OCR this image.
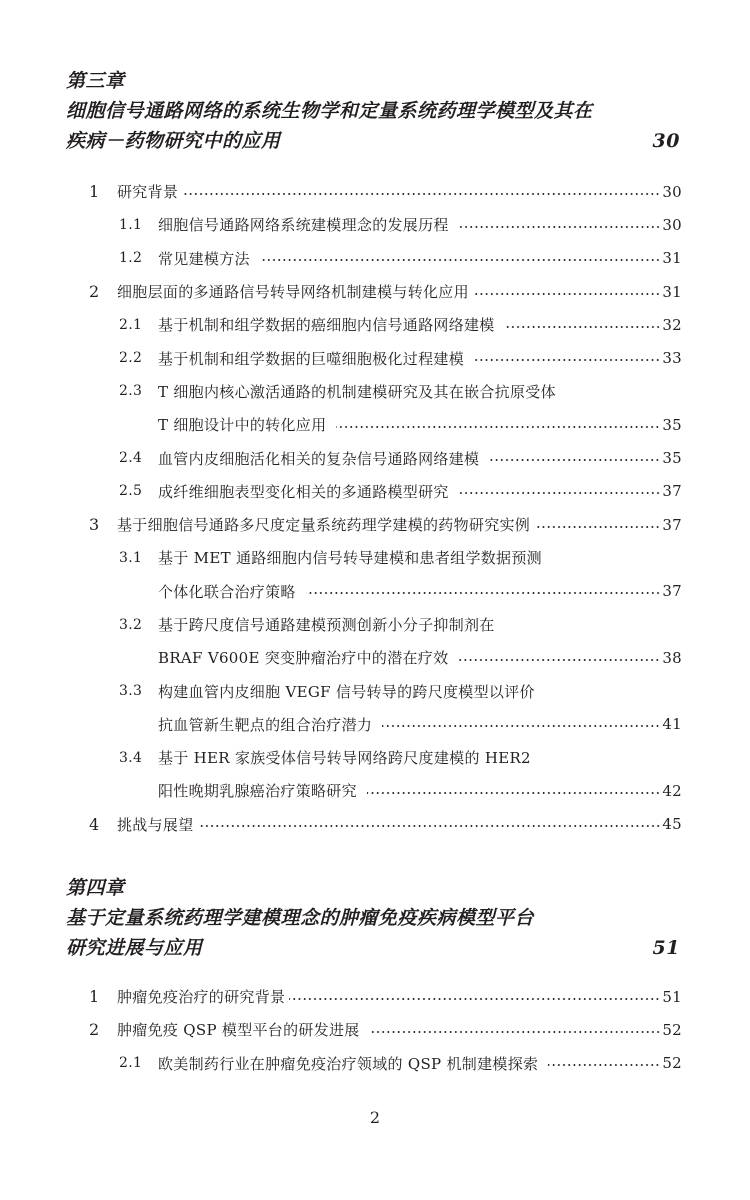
第三章
细胞信号通路网络的系统生物学和定量系统药理学模型及其在
疾病－药物研究中的应用	30
1 研究背景	30
1.1 细胞信号通路网络系统建模理念的发展历程	30
1.2 常见建模方法	31
2 细胞层面的多通路信号转导网络机制建模与转化应用	31
2.1 基于机制和组学数据的癌细胞内信号通路网络建模	32
2.2 基于机制和组学数据的巨噬细胞极化过程建模	33
2.3 T 细胞内核心激活通路的机制建模研究及其在嵌合抗原受体
T 细胞设计中的转化应用	35
2.4 血管内皮细胞活化相关的复杂信号通路网络建模	35
2.5 成纤维细胞表型变化相关的多通路模型研究	37
3 基于细胞信号通路多尺度定量系统药理学建模的药物研究实例	37
3.1 基于 MET 通路细胞内信号转导建模和患者组学数据预测
个体化联合治疗策略	37
3.2 基于跨尺度信号通路建模预测创新小分子抑制剂在
BRAF V600E 突变肿瘤治疗中的潜在疗效	38
3.3 构建血管内皮细胞 VEGF 信号转导的跨尺度模型以评价
抗血管新生靶点的组合治疗潜力	41
3.4 基于 HER 家族受体信号转导网络跨尺度建模的 HER2
阳性晚期乳腺癌治疗策略研究	42
4 挑战与展望	45
第四章
基于定量系统药理学建模理念的肿瘤免疫疾病模型平台
研究进展与应用	51
1 肿瘤免疫治疗的研究背景	51
2 肿瘤免疫 QSP 模型平台的研发进展	52
2.1 欧美制药行业在肿瘤免疫治疗领域的 QSP 机制建模探索	52
2
